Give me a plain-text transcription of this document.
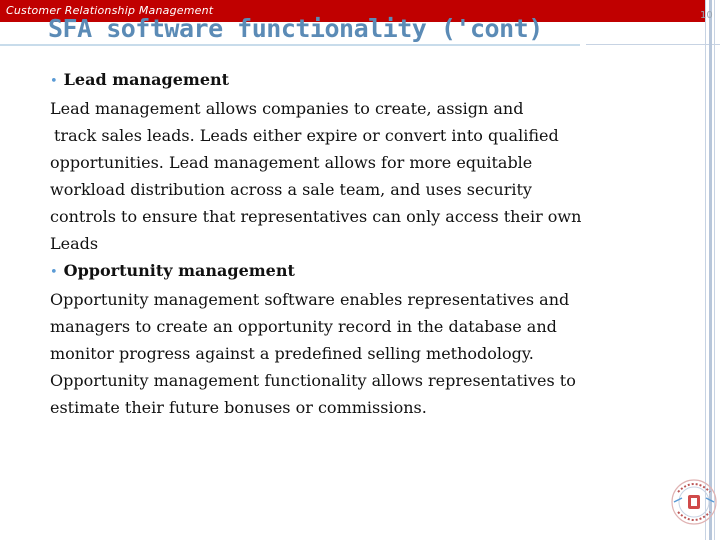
Customer Relationship Management
SFA software functionality ('cont)	10
• Lead management
Lead management allows companies to create, assign and
track sales leads. Leads either expire or convert into qualified
opportunities. Lead management allows for more equitable
workload distribution across a sale team, and uses security
controls to ensure that representatives can only access their own
Leads
• Opportunity management
Opportunity management software enables representatives and
managers to create an opportunity record in the database and
monitor progress against a predefined selling methodology.
Opportunity management functionality allows representatives to
estimate their future bonuses or commissions.
